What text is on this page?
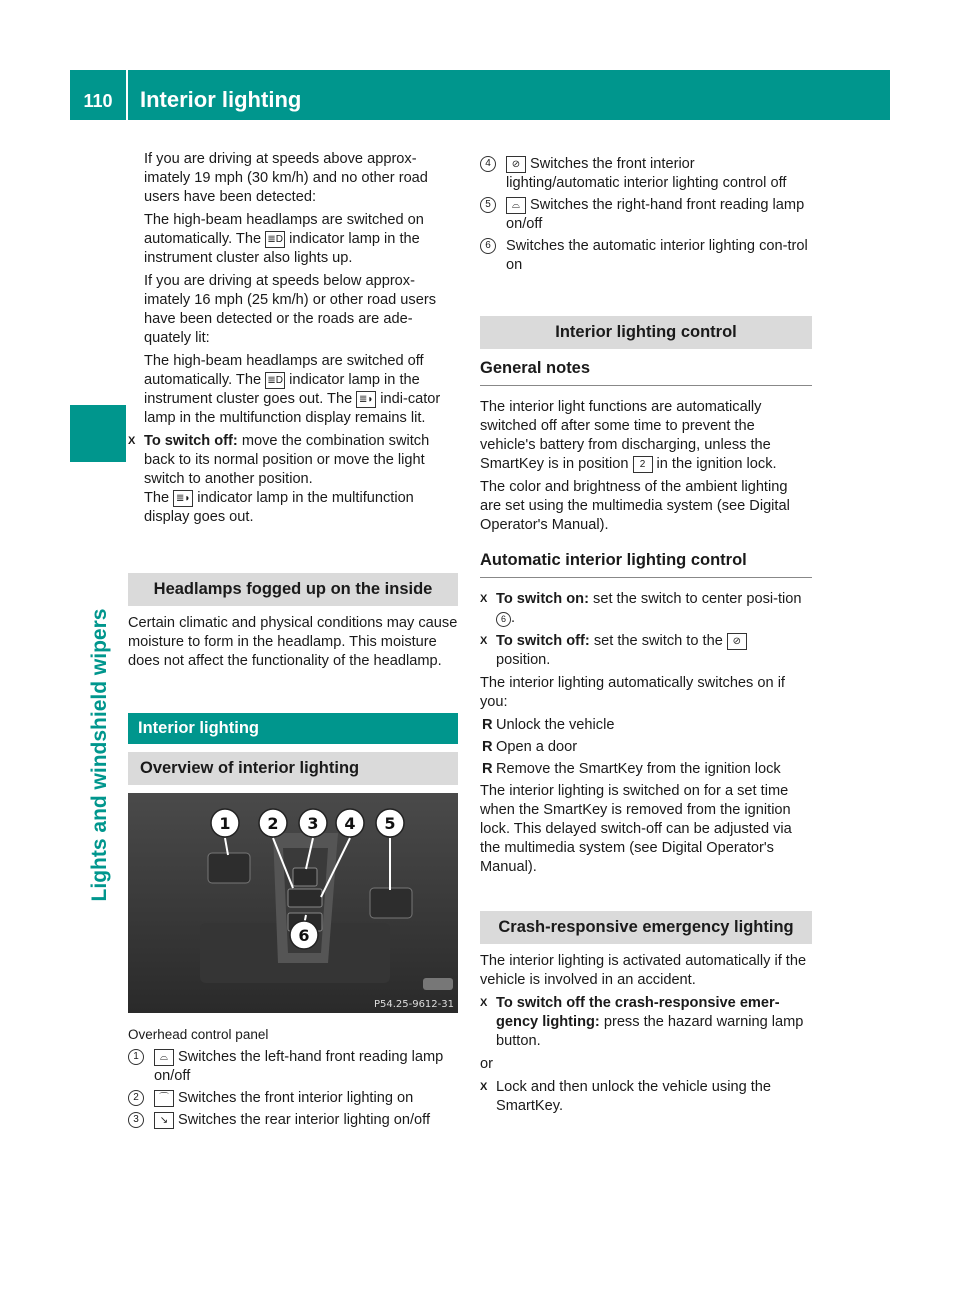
110	Interior lighting
Lights and windshield wipers

If you are driving at speeds above approx-imately 19 mph (30 km/h) and no other road users have been detected:

The high-beam headlamps are switched on automatically. The ≣D indicator lamp in the instrument cluster also lights up.

If you are driving at speeds below approx-imately 16 mph (25 km/h) or other road users have been detected or the roads are ade-quately lit:

The high-beam headlamps are switched off automatically. The ≣D indicator lamp in the instrument cluster goes out. The ≣◗ indi-cator lamp in the multifunction display remains lit.

X To switch off: move the combination switch back to its normal position or move the light switch to another position.
The ≣◗ indicator lamp in the multifunction display goes out.
Headlamps fogged up on the inside

Certain climatic and physical conditions may cause moisture to form in the headlamp. This moisture does not affect the functionality of the headlamp.

Interior lighting
Overview of interior lighting
1 2 3 4 5
6
P54.25-9612-31
Overhead control panel
1	⌓ Switches the left-hand front reading lamp on/off
2	⌒ Switches the front interior lighting on
3	↘ Switches the rear interior lighting on/off
4	⊘ Switches the front interior lighting/automatic interior lighting control off
5	⌓ Switches the right-hand front reading lamp on/off
6	Switches the automatic interior lighting con-trol on
Interior lighting control
General notes

The interior light functions are automatically switched off after some time to prevent the vehicle's battery from discharging, unless the SmartKey is in position 2 in the ignition lock.

The color and brightness of the ambient lighting are set using the multimedia system (see Digital Operator's Manual).

Automatic interior lighting control
X To switch on: set the switch to center posi-tion 6 .
X To switch off: set the switch to the ⊘
position.

The interior lighting automatically switches on if you:

R Unlock the vehicle
R Open a door
R Remove the SmartKey from the ignition lock

The interior lighting is switched on for a set time when the SmartKey is removed from the ignition lock. This delayed switch-off can be adjusted via the multimedia system (see Digital Operator's Manual).

Crash-responsive emergency lighting

The interior lighting is activated automatically if the vehicle is involved in an accident.

X To switch off the crash-responsive emer-gency lighting: press the hazard warning lamp button.

or

X Lock and then unlock the vehicle using the SmartKey.
